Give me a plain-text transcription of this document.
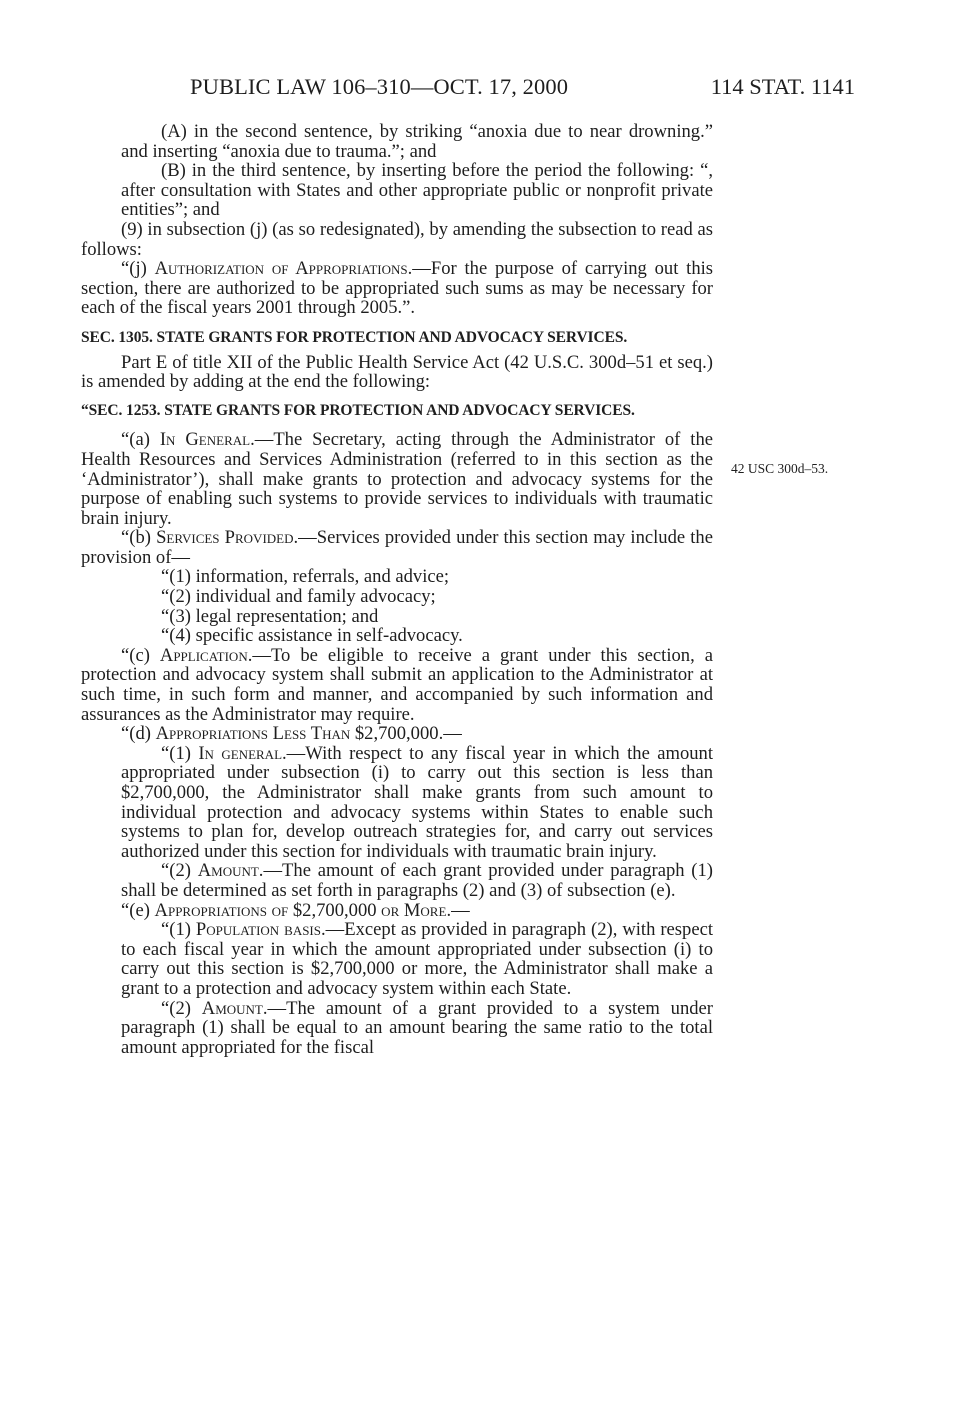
PUBLIC LAW 106–310—OCT. 17, 2000	114 STAT. 1141
42 USC 300d–53.

(A) in the second sentence, by striking “anoxia due to near drowning.” and inserting “anoxia due to trauma.”; and

(B) in the third sentence, by inserting before the period the following: “, after consultation with States and other appropriate public or nonprofit private entities”; and

(9) in subsection (j) (as so redesignated), by amending the subsection to read as follows:

“(j) Authorization of Appropriations.—For the purpose of carrying out this section, there are authorized to be appropriated such sums as may be necessary for each of the fiscal years 2001 through 2005.”.

SEC. 1305. STATE GRANTS FOR PROTECTION AND ADVOCACY SERVICES.

Part E of title XII of the Public Health Service Act (42 U.S.C. 300d–51 et seq.) is amended by adding at the end the following:

“SEC. 1253. STATE GRANTS FOR PROTECTION AND ADVOCACY SERVICES.

“(a) In General.—The Secretary, acting through the Administrator of the Health Resources and Services Administration (referred to in this section as the ‘Administrator’), shall make grants to protection and advocacy systems for the purpose of enabling such systems to provide services to individuals with traumatic brain injury.

“(b) Services Provided.—Services provided under this section may include the provision of—

“(1) information, referrals, and advice;

“(2) individual and family advocacy;

“(3) legal representation; and

“(4) specific assistance in self-advocacy.

“(c) Application.—To be eligible to receive a grant under this section, a protection and advocacy system shall submit an application to the Administrator at such time, in such form and manner, and accompanied by such information and assurances as the Administrator may require.

“(d) Appropriations Less Than $2,700,000.—

“(1) In general.—With respect to any fiscal year in which the amount appropriated under subsection (i) to carry out this section is less than $2,700,000, the Administrator shall make grants from such amount to individual protection and advocacy systems within States to enable such systems to plan for, develop outreach strategies for, and carry out services authorized under this section for individuals with traumatic brain injury.

“(2) Amount.—The amount of each grant provided under paragraph (1) shall be determined as set forth in paragraphs (2) and (3) of subsection (e).

“(e) Appropriations of $2,700,000 or More.—

“(1) Population basis.—Except as provided in paragraph (2), with respect to each fiscal year in which the amount appropriated under subsection (i) to carry out this section is $2,700,000 or more, the Administrator shall make a grant to a protection and advocacy system within each State.

“(2) Amount.—The amount of a grant provided to a system under paragraph (1) shall be equal to an amount bearing the same ratio to the total amount appropriated for the fiscal
